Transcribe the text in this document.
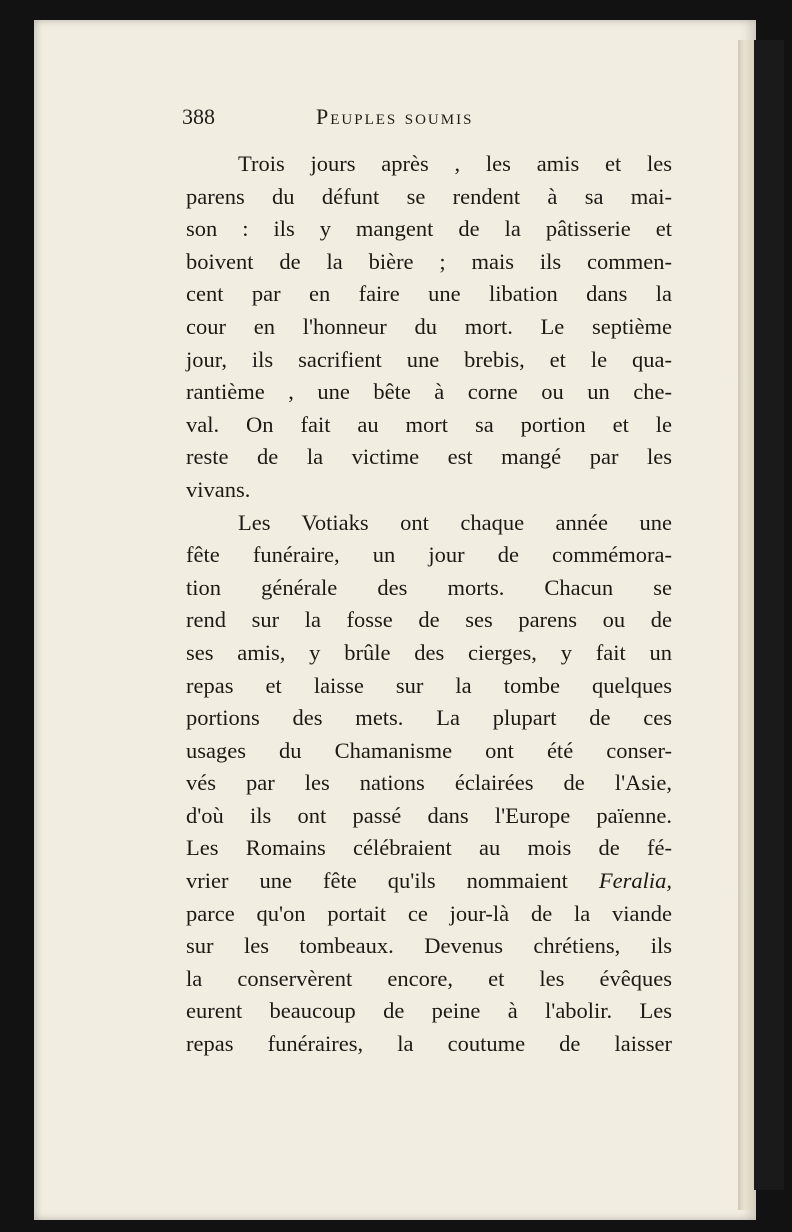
388	Peuples soumis
Trois jours après , les amis et les
parens du défunt se rendent à sa mai-
son : ils y mangent de la pâtisserie et
boivent de la bière ; mais ils commen-
cent par en faire une libation dans la
cour en l'honneur du mort. Le septième
jour, ils sacrifient une brebis, et le qua-
rantième , une bête à corne ou un che-
val. On fait au mort sa portion et le
reste de la victime est mangé par les
vivans.
Les Votiaks ont chaque année une
fête funéraire, un jour de commémora-
tion générale des morts. Chacun se
rend sur la fosse de ses parens ou de
ses amis, y brûle des cierges, y fait un
repas et laisse sur la tombe quelques
portions des mets. La plupart de ces
usages du Chamanisme ont été conser-
vés par les nations éclairées de l'Asie,
d'où ils ont passé dans l'Europe païenne.
Les Romains célébraient au mois de fé-
vrier une fête qu'ils nommaient Feralia,
parce qu'on portait ce jour-là de la viande
sur les tombeaux. Devenus chrétiens, ils
la conservèrent encore, et les évêques
eurent beaucoup de peine à l'abolir. Les
repas funéraires, la coutume de laisser
